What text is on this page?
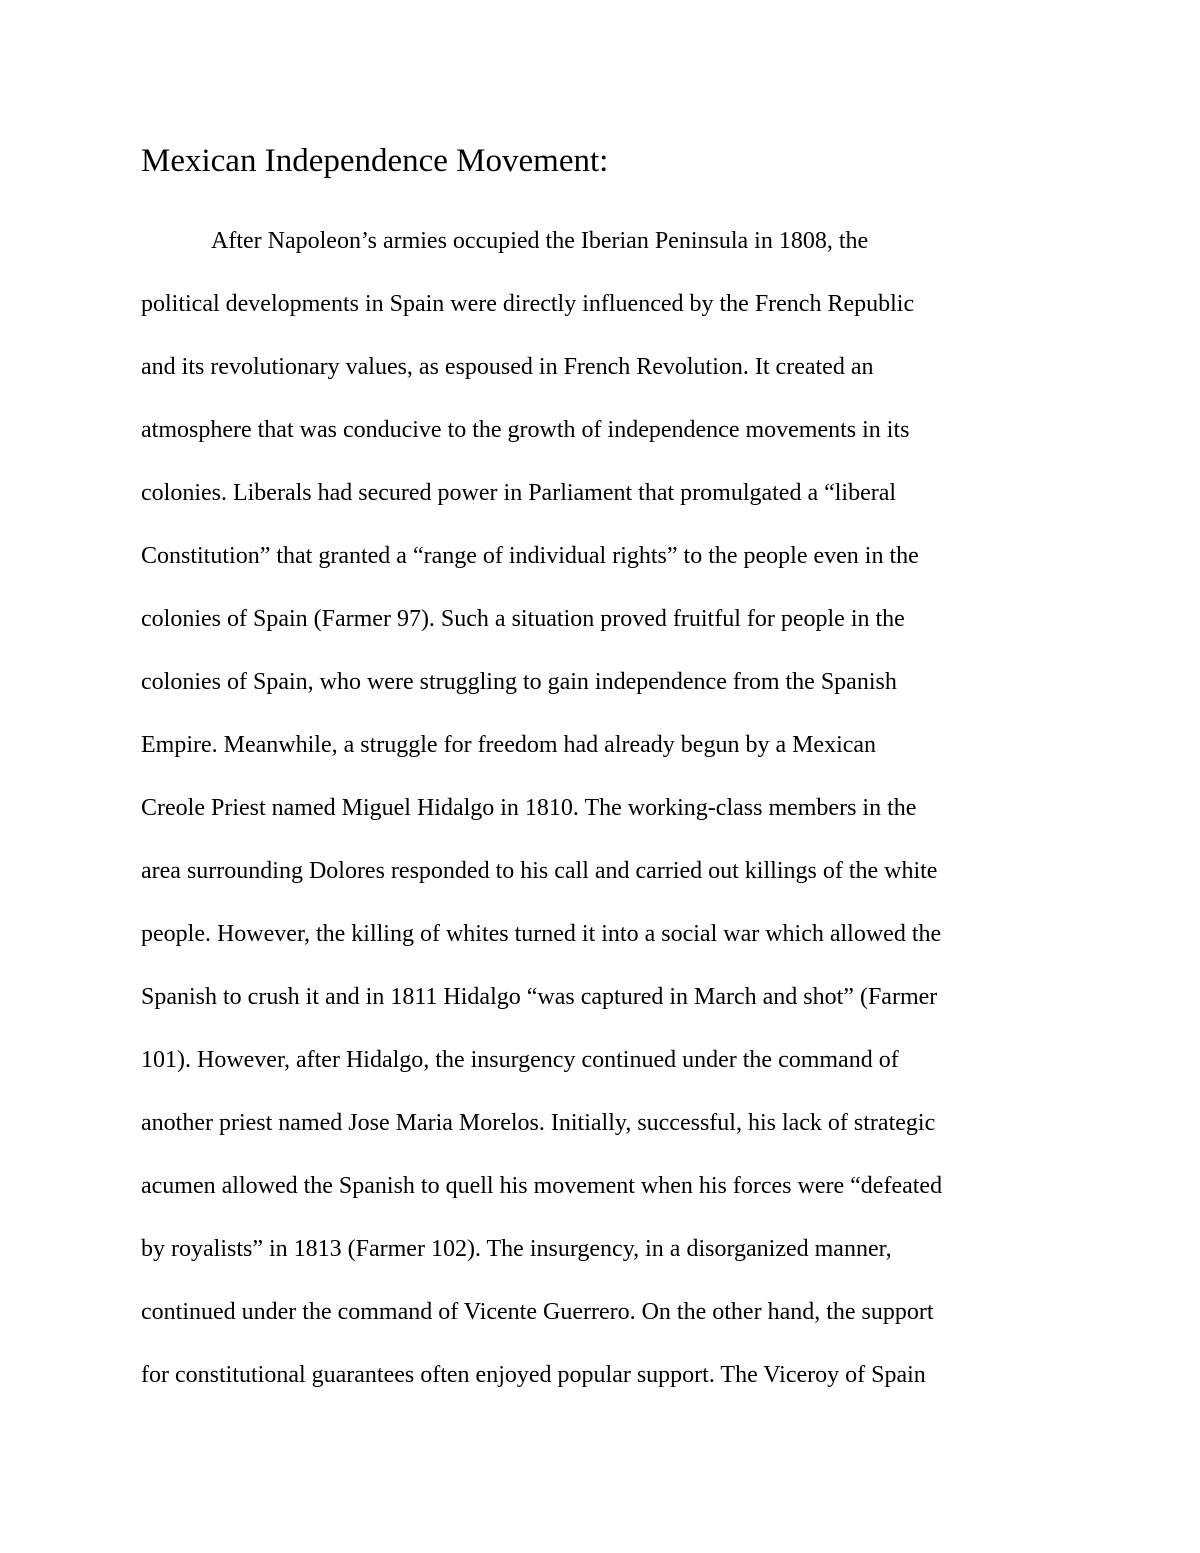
Mexican Independence Movement:
After Napoleon’s armies occupied the Iberian Peninsula in 1808, the
political developments in Spain were directly influenced by the French Republic
and its revolutionary values, as espoused in French Revolution. It created an
atmosphere that was conducive to the growth of independence movements in its
colonies. Liberals had secured power in Parliament that promulgated a “liberal
Constitution” that granted a “range of individual rights” to the people even in the
colonies of Spain (Farmer 97). Such a situation proved fruitful for people in the
colonies of Spain, who were struggling to gain independence from the Spanish
Empire. Meanwhile, a struggle for freedom had already begun by a Mexican
Creole Priest named Miguel Hidalgo in 1810. The working-class members in the
area surrounding Dolores responded to his call and carried out killings of the white
people. However, the killing of whites turned it into a social war which allowed the
Spanish to crush it and in 1811 Hidalgo “was captured in March and shot” (Farmer
101). However, after Hidalgo, the insurgency continued under the command of
another priest named Jose Maria Morelos. Initially, successful, his lack of strategic
acumen allowed the Spanish to quell his movement when his forces were “defeated
by royalists” in 1813 (Farmer 102). The insurgency, in a disorganized manner,
continued under the command of Vicente Guerrero. On the other hand, the support
for constitutional guarantees often enjoyed popular support. The Viceroy of Spain
